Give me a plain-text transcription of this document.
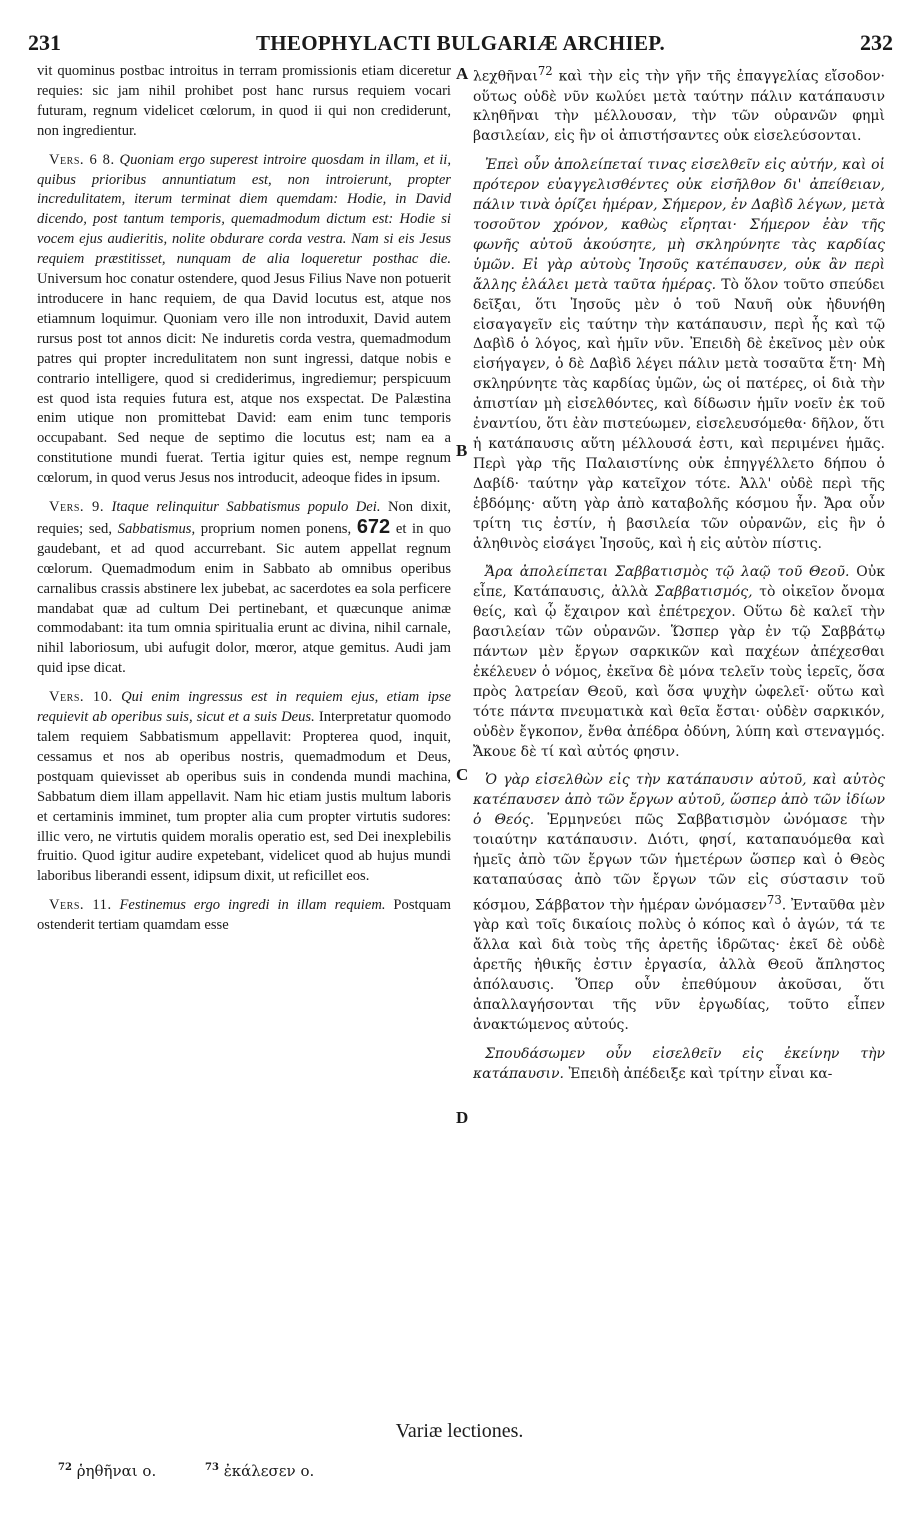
231	THEOPHYLACTI BULGARIÆ ARCHIEP.	232
A
B
C
D

vit quominus postbac introitus in terram promissionis etiam diceretur requies: sic jam nihil prohibet post hanc rursus requiem vocari futuram, regnum videlicet cœlorum, in quod ii qui non crediderunt, non ingredientur.

Vers. 6 8. Quoniam ergo superest introire quosdam in illam, et ii, quibus prioribus annuntiatum est, non introierunt, propter incredulitatem, iterum terminat diem quemdam: Hodie, in David dicendo, post tantum temporis, quemadmodum dictum est: Hodie si vocem ejus audieritis, nolite obdurare corda vestra. Nam si eis Jesus requiem præstitisset, nunquam de alia loqueretur posthac die. Universum hoc conatur ostendere, quod Jesus Filius Nave non potuerit introducere in hanc requiem, de qua David locutus est, atque nos etiamnum loquimur. Quoniam vero ille non introduxit, David autem rursus post tot annos dicit: Ne induretis corda vestra, quemadmodum patres qui propter incredulitatem non sunt ingressi, datque nobis e contrario intelligere, quod si crediderimus, ingrediemur; perspicuum est quod ista requies futura est, atque nos exspectat. De Palæstina enim utique non promittebat David: eam enim tunc temporis occupabant. Sed neque de septimo die locutus est; nam ea a constitutione mundi fuerat. Tertia igitur quies est, nempe regnum cœlorum, in quod verus Jesus nos introducit, adeoque fides in ipsum.

Vers. 9. Itaque relinquitur Sabbatismus populo Dei. Non dixit, requies; sed, Sabbatismus, proprium nomen ponens, 672 et in quo gaudebant, et ad quod accurrebant. Sic autem appellat regnum cœlorum. Quemadmodum enim in Sabbato ab omnibus operibus carnalibus crassis abstinere lex jubebat, ac sacerdotes ea sola perficere mandabat quæ ad cultum Dei pertinebant, et quæcunque animæ commodabant: ita tum omnia spiritualia erunt ac divina, nihil carnale, nihil laboriosum, ubi aufugit dolor, mœror, atque gemitus. Audi jam quid ipse dicat.

Vers. 10. Qui enim ingressus est in requiem ejus, etiam ipse requievit ab operibus suis, sicut et a suis Deus. Interpretatur quomodo talem requiem Sabbatismum appellavit: Propterea quod, inquit, cessamus et nos ab operibus nostris, quemadmodum et Deus, postquam quievisset ab operibus suis in condenda mundi machina, Sabbatum diem illam appellavit. Nam hic etiam justis multum laboris et certaminis imminet, tum propter alia cum propter virtutis sudores: illic vero, ne virtutis quidem moralis operatio est, sed Dei inexplebilis fruitio. Quod igitur audire expetebant, videlicet quod ab hujus mundi laboribus liberandi essent, idipsum dixit, ut reficillet eos.

Vers. 11. Festinemus ergo ingredi in illam requiem. Postquam ostenderit tertiam quamdam esse

λεχθῆναι$^{72}$ καὶ τὴν εἰς τὴν γῆν τῆς ἐπαγγελίας εἴσοδον· οὕτως οὐδὲ νῦν κωλύει μετὰ ταύτην πάλιν κατάπαυσιν κληθῆναι τὴν μέλλουσαν, τὴν τῶν οὐρανῶν φημὶ βασιλείαν, εἰς ἣν οἱ ἀπιστήσαντες οὐκ εἰσελεύσονται.

Ἐπεὶ οὖν ἀπολείπεταί τινας εἰσελθεῖν εἰς αὐτήν, καὶ οἱ πρότερον εὐαγγελισθέντες οὐκ εἰσῆλθον δι' ἀπείθειαν, πάλιν τινὰ ὁρίζει ἡμέραν, Σήμερον, ἐν Δαβὶδ λέγων, μετὰ τοσοῦτον χρόνον, καθὼς εἴρηται· Σήμερον ἐὰν τῆς φωνῆς αὐτοῦ ἀκούσητε, μὴ σκληρύνητε τὰς καρδίας ὑμῶν. Εἰ γὰρ αὐτοὺς Ἰησοῦς κατέπαυσεν, οὐκ ἂν περὶ ἄλλης ἐλάλει μετὰ ταῦτα ἡμέρας. Τὸ ὅλον τοῦτο σπεύδει δεῖξαι, ὅτι Ἰησοῦς μὲν ὁ τοῦ Ναυῆ οὐκ ἠδυνήθη εἰσαγαγεῖν εἰς ταύτην τὴν κατάπαυσιν, περὶ ἧς καὶ τῷ Δαβὶδ ὁ λόγος, καὶ ἡμῖν νῦν. Ἐπειδὴ δὲ ἐκεῖνος μὲν οὐκ εἰσήγαγεν, ὁ δὲ Δαβὶδ λέγει πάλιν μετὰ τοσαῦτα ἔτη· Μὴ σκληρύνητε τὰς καρδίας ὑμῶν, ὡς οἱ πατέρες, οἱ διὰ τὴν ἀπιστίαν μὴ εἰσελθόντες, καὶ δίδωσιν ἡμῖν νοεῖν ἐκ τοῦ ἐναντίου, ὅτι ἐὰν πιστεύωμεν, εἰσελευσόμεθα· δῆλον, ὅτι ἡ κατάπαυσις αὕτη μέλλουσά ἐστι, καὶ περιμένει ἡμᾶς. Περὶ γὰρ τῆς Παλαιστίνης οὐκ ἐπηγγέλλετο δήπου ὁ Δαβίδ· ταύτην γὰρ κατεῖχον τότε. Ἀλλ' οὐδὲ περὶ τῆς ἑβδόμης· αὕτη γὰρ ἀπὸ καταβολῆς κόσμου ἦν. Ἄρα οὖν τρίτη τις ἐστίν, ἡ βασιλεία τῶν οὐρανῶν, εἰς ἣν ὁ ἀληθινὸς εἰσάγει Ἰησοῦς, καὶ ἡ εἰς αὐτὸν πίστις.

Ἄρα ἀπολείπεται Σαββατισμὸς τῷ λαῷ τοῦ Θεοῦ. Οὐκ εἶπε, Κατάπαυσις, ἀλλὰ Σαββατισμός, τὸ οἰκεῖον ὄνομα θείς, καὶ ᾧ ἔχαιρον καὶ ἐπέτρεχον. Οὕτω δὲ καλεῖ τὴν βασιλείαν τῶν οὐρανῶν. Ὥσπερ γὰρ ἐν τῷ Σαββάτῳ πάντων μὲν ἔργων σαρκικῶν καὶ παχέων ἀπέχεσθαι ἐκέλευεν ὁ νόμος, ἐκεῖνα δὲ μόνα τελεῖν τοὺς ἱερεῖς, ὅσα πρὸς λατρείαν Θεοῦ, καὶ ὅσα ψυχὴν ὠφελεῖ· οὕτω καὶ τότε πάντα πνευματικὰ καὶ θεῖα ἔσται· οὐδὲν σαρκικόν, οὐδὲν ἔγκοπον, ἔνθα ἀπέδρα ὀδύνη, λύπη καὶ στεναγμός. Ἄκουε δὲ τί καὶ αὐτός φησιν.

Ὁ γὰρ εἰσελθὼν εἰς τὴν κατάπαυσιν αὐτοῦ, καὶ αὐτὸς κατέπαυσεν ἀπὸ τῶν ἔργων αὐτοῦ, ὥσπερ ἀπὸ τῶν ἰδίων ὁ Θεός. Ἑρμηνεύει πῶς Σαββατισμὸν ὠνόμασε τὴν τοιαύτην κατάπαυσιν. Διότι, φησί, καταπαυόμεθα καὶ ἡμεῖς ἀπὸ τῶν ἔργων τῶν ἡμετέρων ὥσπερ καὶ ὁ Θεὸς καταπαύσας ἀπὸ τῶν ἔργων τῶν εἰς σύστασιν τοῦ κόσμου, Σάββατον τὴν ἡμέραν ὠνόμασεν$^{73}$. Ἐνταῦθα μὲν γὰρ καὶ τοῖς δικαίοις πολὺς ὁ κόπος καὶ ὁ ἀγών, τά τε ἄλλα καὶ διὰ τοὺς τῆς ἀρετῆς ἱδρῶτας· ἐκεῖ δὲ οὐδὲ ἀρετῆς ἠθικῆς ἐστιν ἐργασία, ἀλλὰ Θεοῦ ἄπληστος ἀπόλαυσις. Ὅπερ οὖν ἐπεθύμουν ἀκοῦσαι, ὅτι ἀπαλλαγήσονται τῆς νῦν ἐργωδίας, τοῦτο εἶπεν ἀνακτώμενος αὐτούς.

Σπουδάσωμεν οὖν εἰσελθεῖν εἰς ἐκείνην τὴν κατάπαυσιν. Ἐπειδὴ ἀπέδειξε καὶ τρίτην εἶναι κα-

Variæ lectiones.
$^{72}$ ῥηθῆναι ο.	$^{73}$ ἐκάλεσεν ο.
